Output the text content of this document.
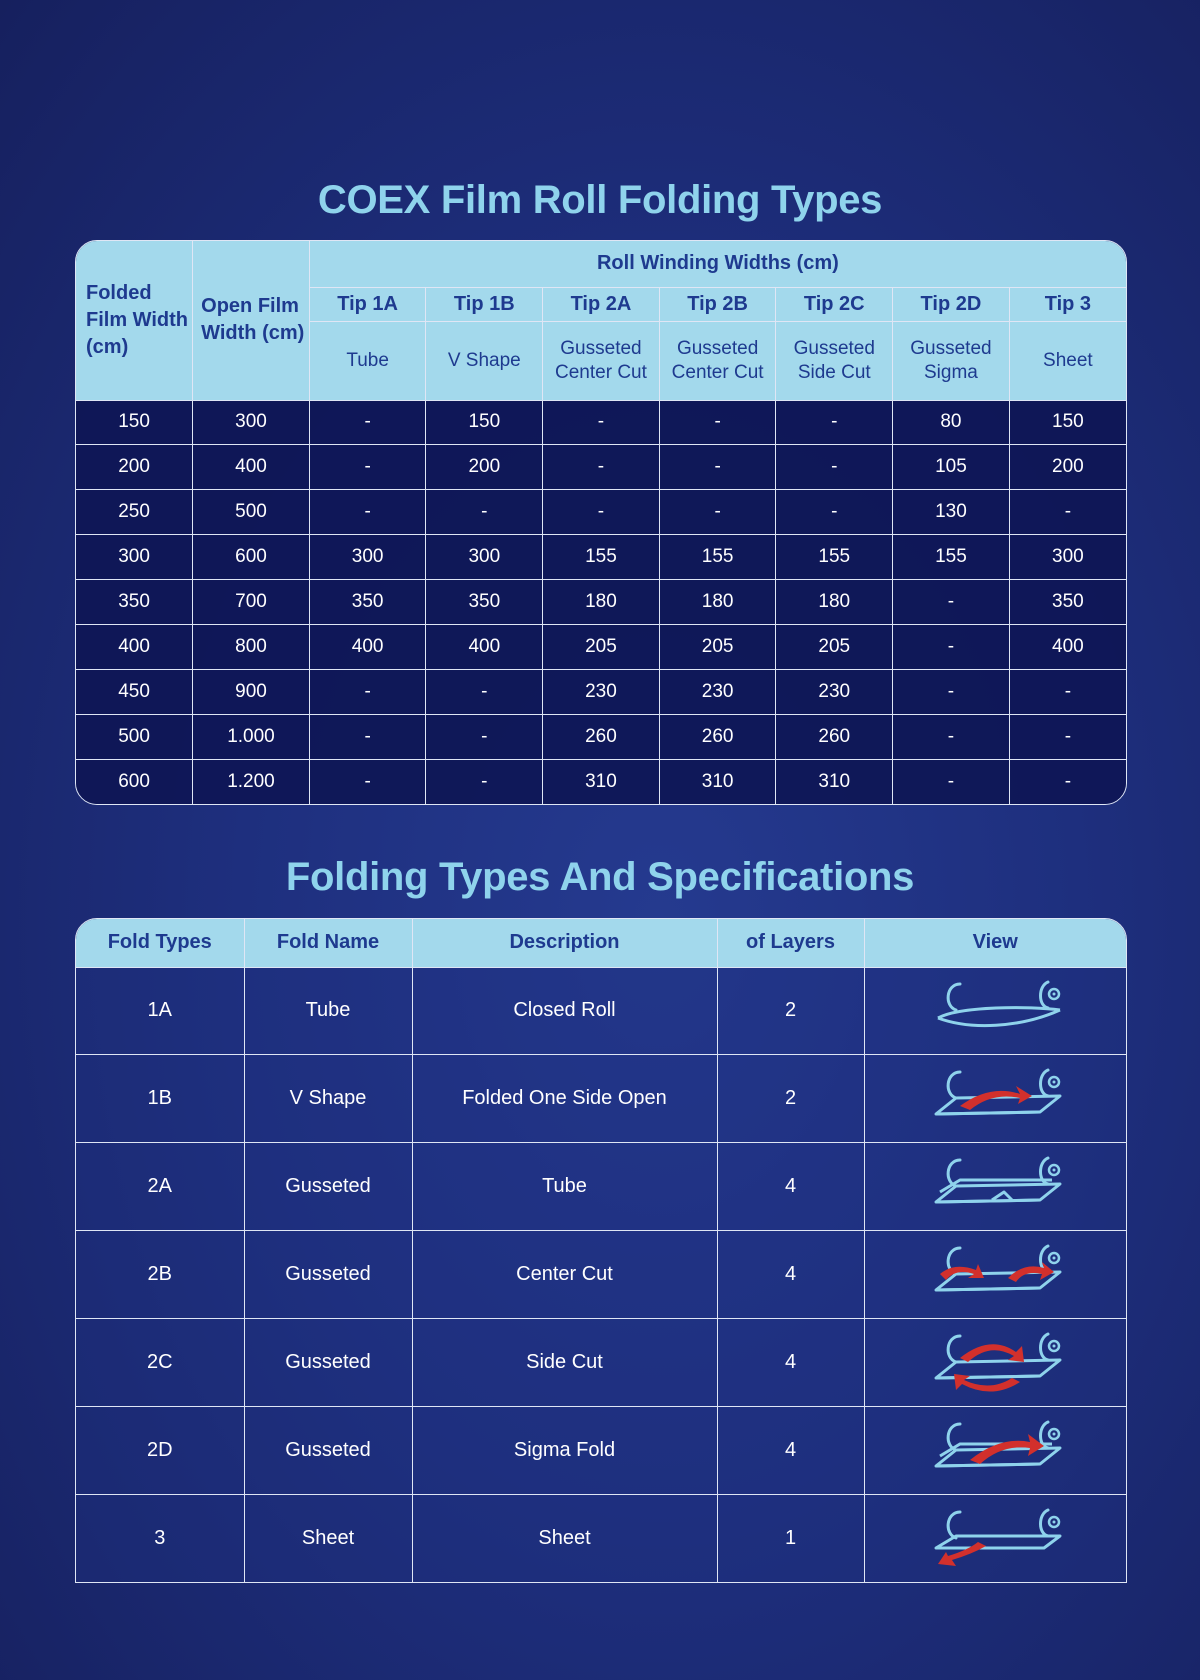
COEX Film Roll Folding Types
Folded Film Width (cm)	Open Film Width (cm)	Roll Winding Widths (cm)						
		Tip 1A	Tip 1B	Tip 2A	Tip 2B	Tip 2C	Tip 2D	Tip 3
		Tube	V Shape	Gusseted Center Cut	Gusseted Center Cut	Gusseted Side Cut	Gusseted Sigma	Sheet
150	300	-	150	-	-	-	80	150
200	400	-	200	-	-	-	105	200
250	500	-	-	-	-	-	130	-
300	600	300	300	155	155	155	155	300
350	700	350	350	180	180	180	-	350
400	800	400	400	205	205	205	-	400
450	900	-	-	230	230	230	-	-
500	1.000	-	-	260	260	260	-	-
600	1.200	-	-	310	310	310	-	-
Folding Types And Specifications
Fold Types	Fold Name	Description	of Layers	View
1A	Tube	Closed Roll	2	

1B	V Shape	Folded One Side Open	2	

2A	Gusseted	Tube	4	

2B	Gusseted	Center Cut	4	

2C	Gusseted	Side Cut	4	

2D	Gusseted	Sigma Fold	4	

3	Sheet	Sheet	1	
